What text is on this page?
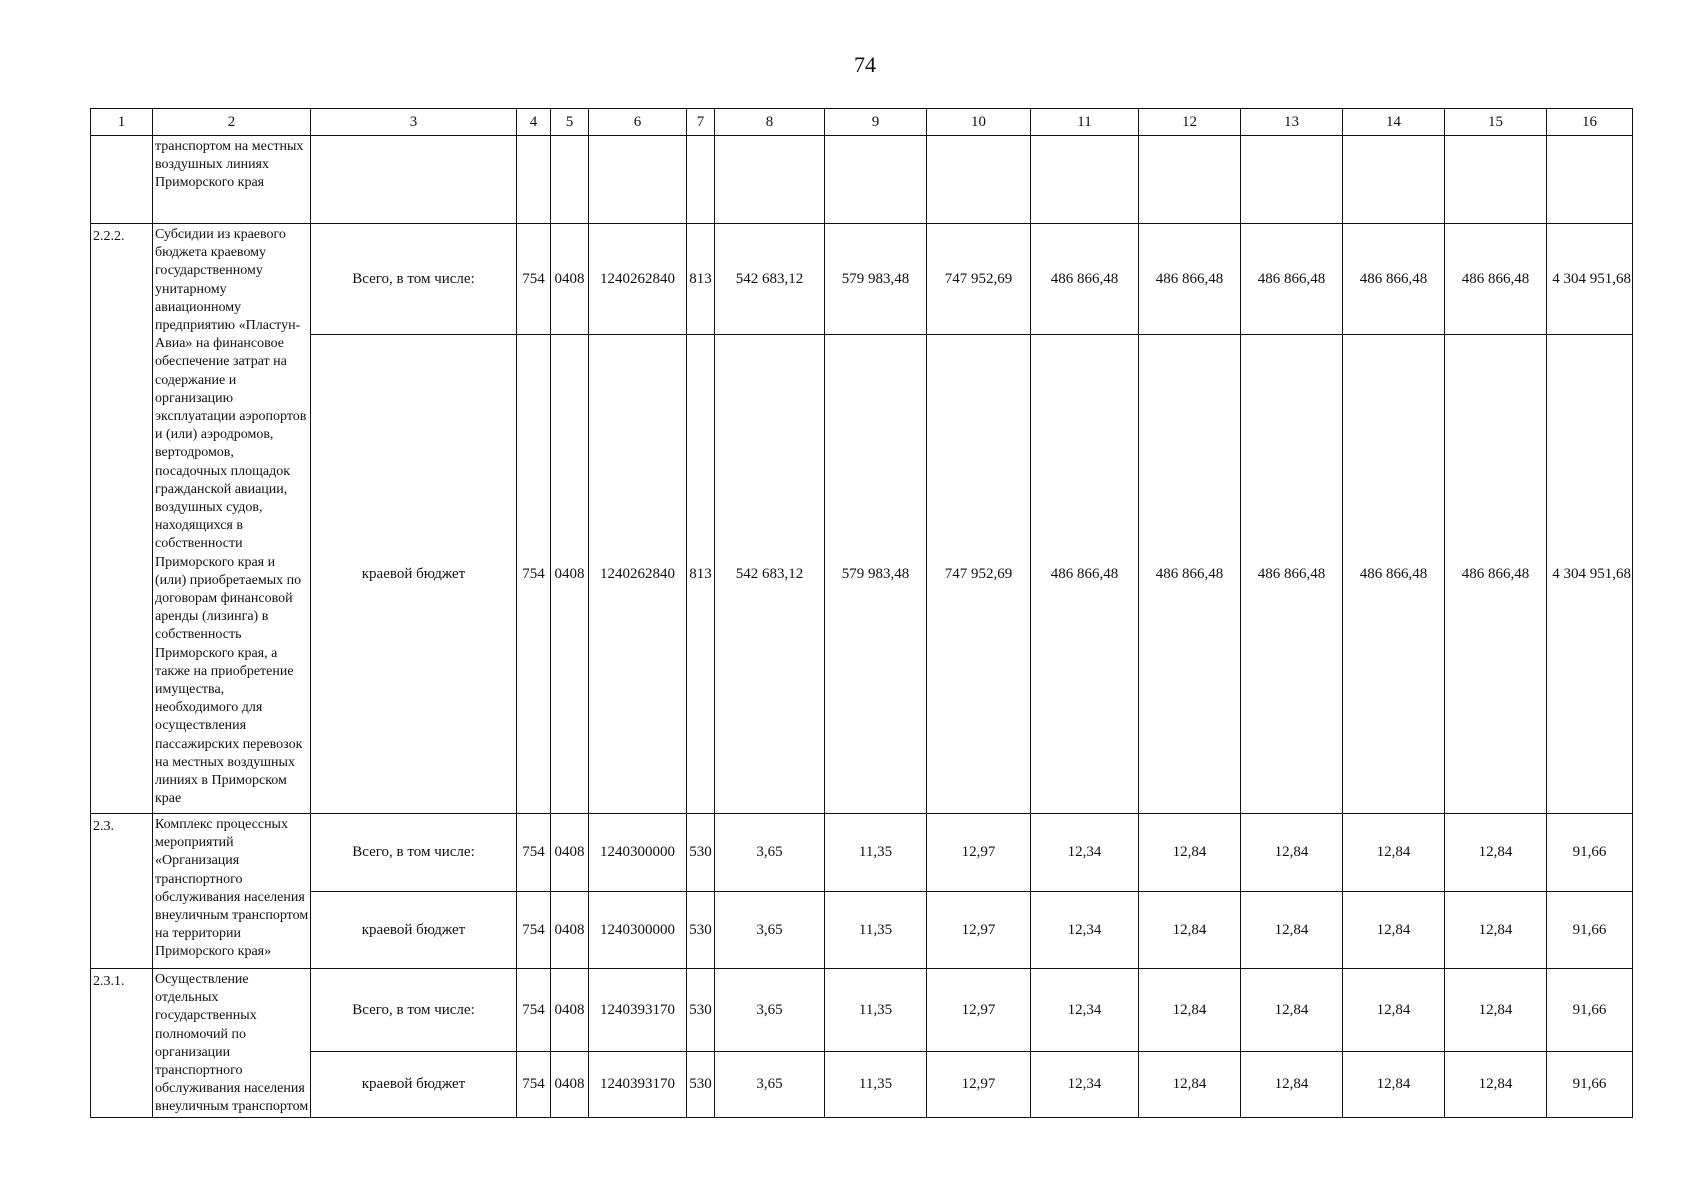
74
1	2	3	4	5	6	7	8	9	10	11	12	13	14	15	16
	транспортом на местных воздушных линиях Приморского края														
2.2.2.	Субсидии из краевого бюджета краевому государственному унитарному авиационному предприятию «Пластун-Авиа» на финансовое обеспечение затрат на содержание и организацию эксплуатации аэропортов и (или) аэродромов, вертодромов, посадочных площадок гражданской авиации, воздушных судов, находящихся в собственности Приморского края и (или) приобретаемых по договорам финансовой аренды (лизинга) в собственность Приморского края, а также на приобретение имущества, необходимого для осуществления пассажирских перевозок на местных воздушных линиях в Приморском крае	Всего, в том числе:	754	0408	1240262840	813	542 683,12	579 983,48	747 952,69	486 866,48	486 866,48	486 866,48	486 866,48	486 866,48	4 304 951,68
		краевой бюджет	754	0408	1240262840	813	542 683,12	579 983,48	747 952,69	486 866,48	486 866,48	486 866,48	486 866,48	486 866,48	4 304 951,68
2.3.	Комплекс процессных мероприятий «Организация транспортного обслуживания населения внеуличным транспортом на территории Приморского края»	Всего, в том числе:	754	0408	1240300000	530	3,65	11,35	12,97	12,34	12,84	12,84	12,84	12,84	91,66
		краевой бюджет	754	0408	1240300000	530	3,65	11,35	12,97	12,34	12,84	12,84	12,84	12,84	91,66
2.3.1.	Осуществление отдельных государственных полномочий по организации транспортного обслуживания населения внеуличным транспортом	Всего, в том числе:	754	0408	1240393170	530	3,65	11,35	12,97	12,34	12,84	12,84	12,84	12,84	91,66
		краевой бюджет	754	0408	1240393170	530	3,65	11,35	12,97	12,34	12,84	12,84	12,84	12,84	91,66
